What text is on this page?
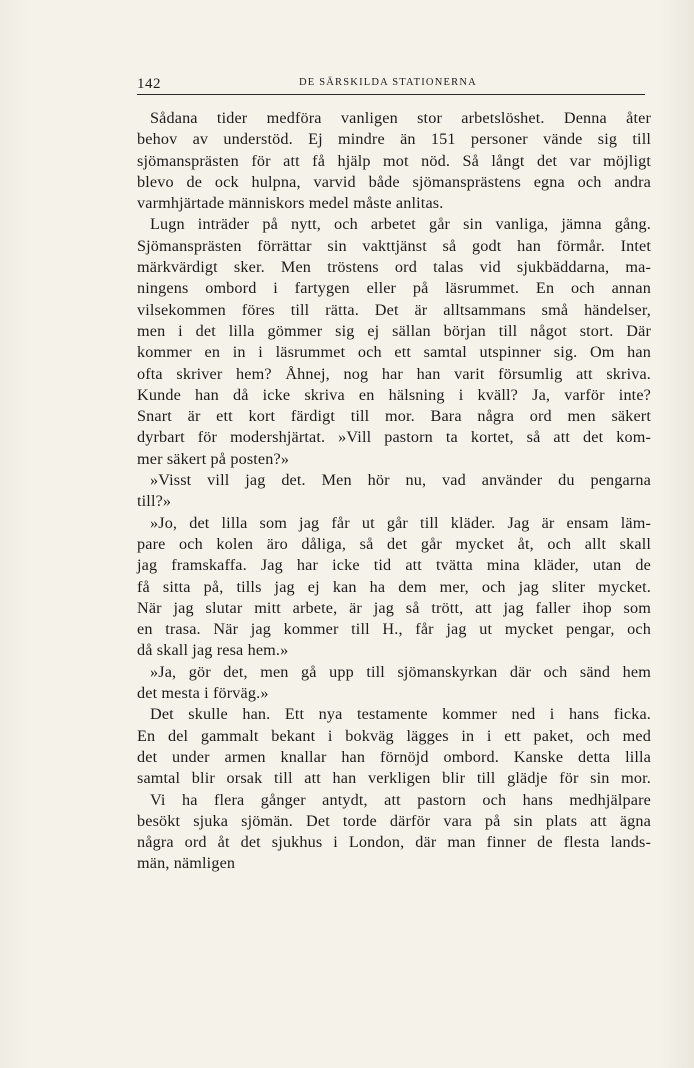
142	DE SÄRSKILDA STATIONERNA
Sådana tider medföra vanligen stor arbetslöshet. Denna åter
behov av understöd. Ej mindre än 151 personer vände sig till
sjömansprästen för att få hjälp mot nöd. Så långt det var möjligt
blevo de ock hulpna, varvid både sjömansprästens egna och andra
varmhjärtade människors medel måste anlitas.
Lugn inträder på nytt, och arbetet går sin vanliga, jämna gång.
Sjömansprästen förrättar sin vakttjänst så godt han förmår. Intet
märkvärdigt sker. Men tröstens ord talas vid sjukbäddarna, ma-
ningens ombord i fartygen eller på läsrummet. En och annan
vilsekommen föres till rätta. Det är alltsammans små händelser,
men i det lilla gömmer sig ej sällan början till något stort. Där
kommer en in i läsrummet och ett samtal utspinner sig. Om han
ofta skriver hem? Åhnej, nog har han varit försumlig att skriva.
Kunde han då icke skriva en hälsning i kväll? Ja, varför inte?
Snart är ett kort färdigt till mor. Bara några ord men säkert
dyrbart för modershjärtat. »Vill pastorn ta kortet, så att det kom-
mer säkert på posten?»
»Visst vill jag det. Men hör nu, vad använder du pengarna
till?»
»Jo, det lilla som jag får ut går till kläder. Jag är ensam läm-
pare och kolen äro dåliga, så det går mycket åt, och allt skall
jag framskaffa. Jag har icke tid att tvätta mina kläder, utan de
få sitta på, tills jag ej kan ha dem mer, och jag sliter mycket.
När jag slutar mitt arbete, är jag så trött, att jag faller ihop som
en trasa. När jag kommer till H., får jag ut mycket pengar, och
då skall jag resa hem.»
»Ja, gör det, men gå upp till sjömanskyrkan där och sänd hem
det mesta i förväg.»
Det skulle han. Ett nya testamente kommer ned i hans ficka.
En del gammalt bekant i bokväg lägges in i ett paket, och med
det under armen knallar han förnöjd ombord. Kanske detta lilla
samtal blir orsak till att han verkligen blir till glädje för sin mor.
Vi ha flera gånger antydt, att pastorn och hans medhjälpare
besökt sjuka sjömän. Det torde därför vara på sin plats att ägna
några ord åt det sjukhus i London, där man finner de flesta lands-
män, nämligen
